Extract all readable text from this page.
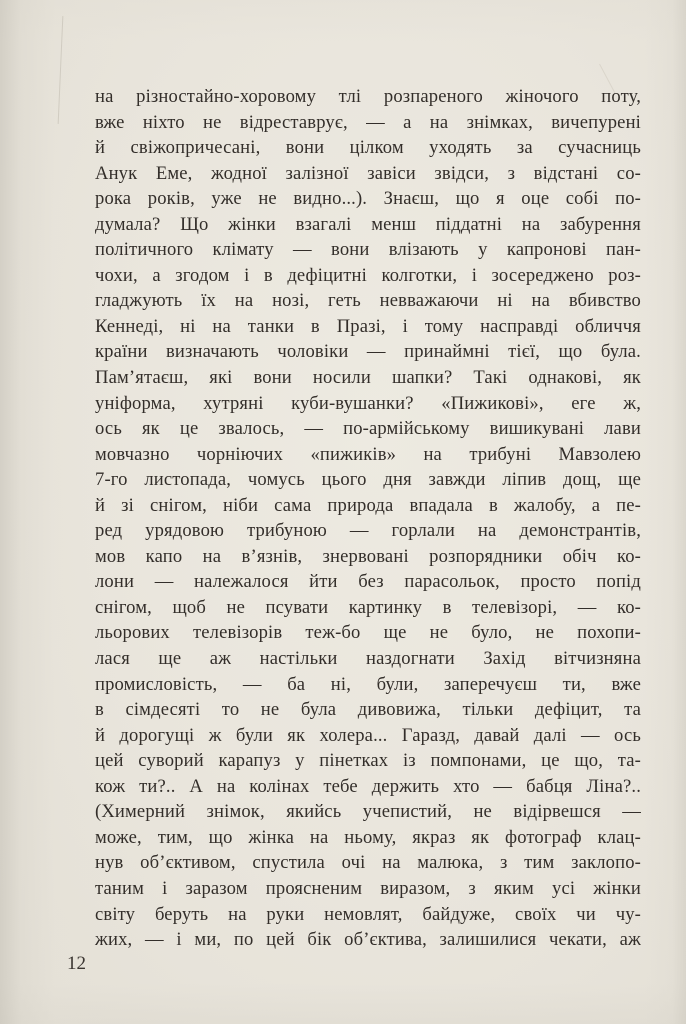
на різностайно-хоровому тлі розпареного жіночого поту,
вже ніхто не відреставрує, — а на знімках, вичепурені
й свіжопричесані, вони цілком уходять за сучасниць
Анук Еме, жодної залізної завіси звідси, з відстані со-
рока років, уже не видно...). Знаєш, що я оце собі по-
думала? Що жінки взагалі менш піддатні на забурення
політичного клімату — вони влізають у капронові пан-
чохи, а згодом і в дефіцитні колготки, і зосереджено роз-
гладжують їх на нозі, геть невважаючи ні на вбивство
Кеннеді, ні на танки в Празі, і тому насправді обличчя
країни визначають чоловіки — принаймні тієї, що була.
Пам’ятаєш, які вони носили шапки? Такі однакові, як
уніформа, хутряні куби-вушанки? «Пижикові», еге ж,
ось як це звалось, — по-армійському вишикувані лави
мовчазно чорніючих «пижиків» на трибуні Мавзолею
7-го листопада, чомусь цього дня завжди ліпив дощ, ще
й зі снігом, ніби сама природа впадала в жалобу, а пе-
ред урядовою трибуною — горлали на демонстрантів,
мов капо на в’язнів, знервовані розпорядники обіч ко-
лони — належалося йти без парасольок, просто попід
снігом, щоб не псувати картинку в телевізорі, — ко-
льорових телевізорів теж-бо ще не було, не похопи-
лася ще аж настільки наздогнати Захід вітчизняна
промисловість, — ба ні, були, заперечуєш ти, вже
в сімдесяті то не була дивовижа, тільки дефіцит, та
й дорогущі ж були як холера... Гаразд, давай далі — ось
цей суворий карапуз у пінетках із помпонами, це що, та-
кож ти?.. А на колінах тебе держить хто — бабця Ліна?..
(Химерний знімок, якийсь учепистий, не відірвешся —
може, тим, що жінка на ньому, якраз як фотограф клац-
нув об’єктивом, спустила очі на малюка, з тим заклопо-
таним і заразом проясненим виразом, з яким усі жінки
світу беруть на руки немовлят, байдуже, своїх чи чу-
жих, — і ми, по цей бік об’єктива, залишилися чекати, аж
12
